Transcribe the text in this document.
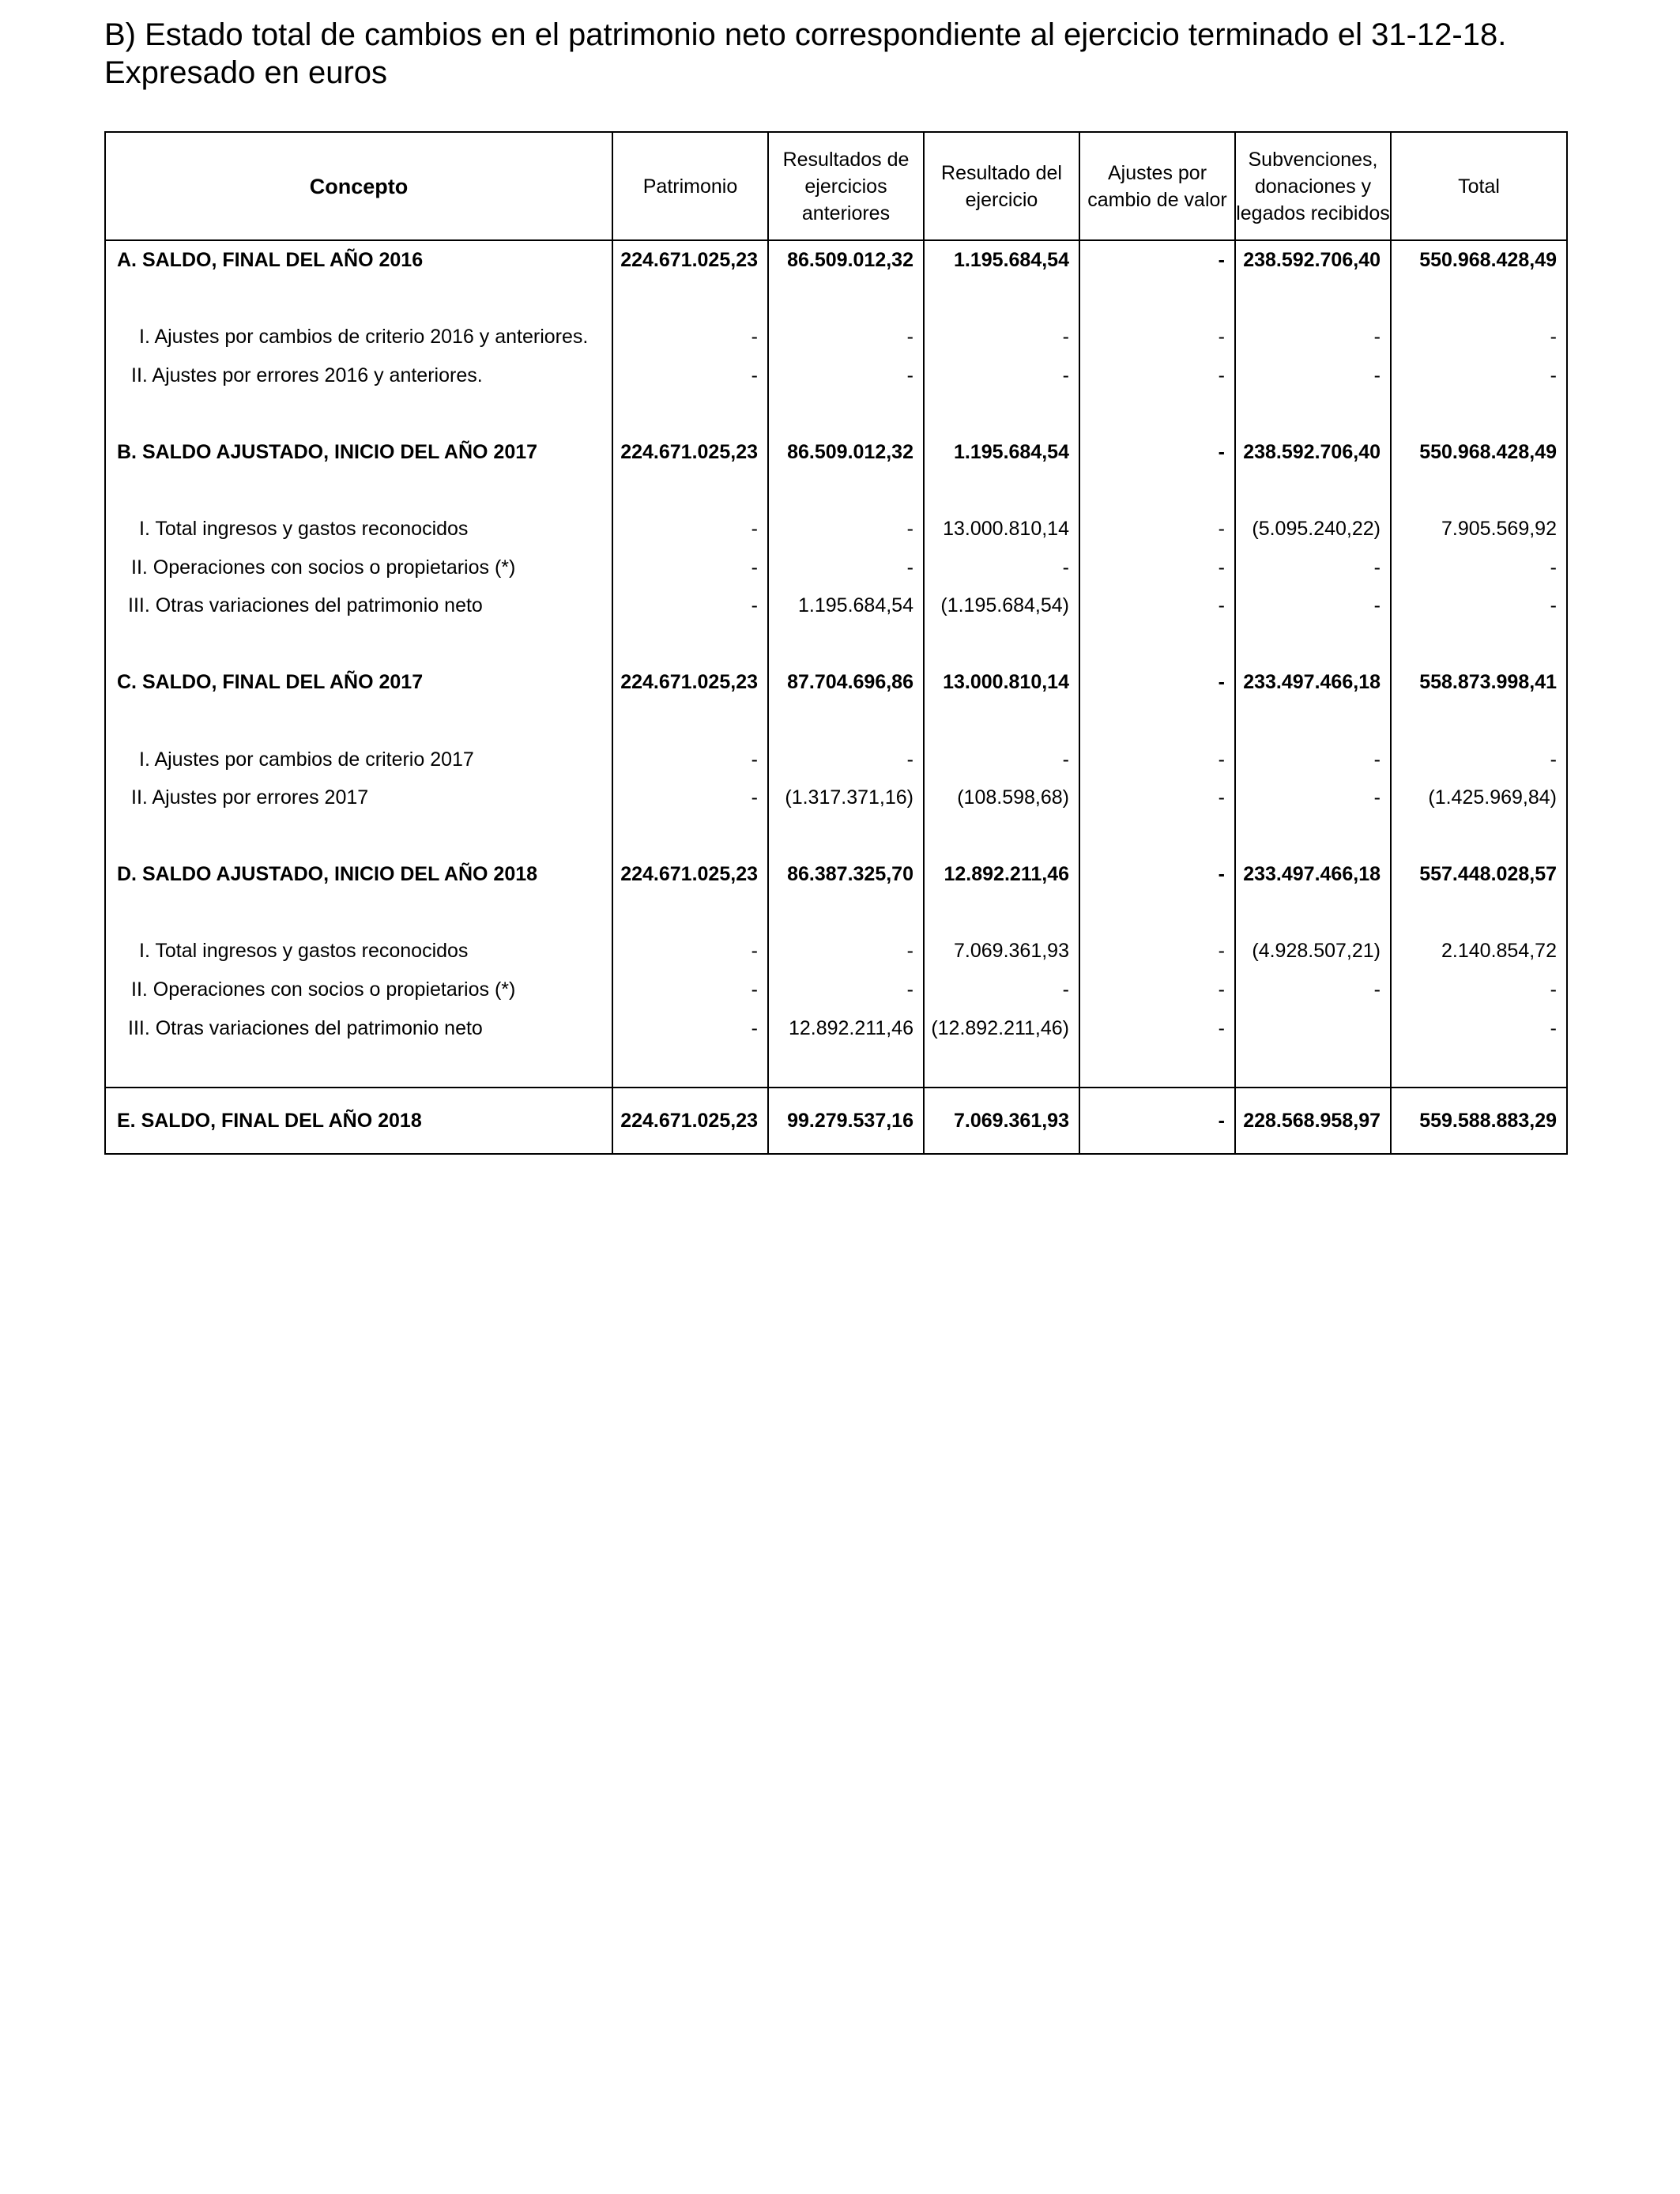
B) Estado total de cambios en el patrimonio neto correspondiente al ejercicio terminado el 31-12-18. Expresado en euros
Concepto	Patrimonio	Resultados de ejercicios anteriores	Resultado del ejercicio	Ajustes por cambio de valor	Subvenciones, donaciones y legados recibidos	Total
A. SALDO, FINAL DEL AÑO 2016	224.671.025,23	86.509.012,32	1.195.684,54	-	238.592.706,40	550.968.428,49

I. Ajustes por cambios de criterio 2016 y anteriores.	-	-	-	-	-	-
II. Ajustes por errores 2016 y anteriores.	-	-	-	-	-	-

B. SALDO AJUSTADO, INICIO DEL AÑO 2017	224.671.025,23	86.509.012,32	1.195.684,54	-	238.592.706,40	550.968.428,49

I. Total ingresos y gastos reconocidos	-	-	13.000.810,14	-	(5.095.240,22)	7.905.569,92
II. Operaciones con socios o propietarios (*)	-	-	-	-	-	-
III. Otras variaciones del patrimonio neto	-	1.195.684,54	(1.195.684,54)	-	-	-

C. SALDO, FINAL DEL AÑO 2017	224.671.025,23	87.704.696,86	13.000.810,14	-	233.497.466,18	558.873.998,41

I. Ajustes por cambios de criterio 2017	-	-	-	-	-	-
II. Ajustes por errores 2017	-	(1.317.371,16)	(108.598,68)	-	-	(1.425.969,84)

D. SALDO AJUSTADO, INICIO DEL AÑO 2018	224.671.025,23	86.387.325,70	12.892.211,46	-	233.497.466,18	557.448.028,57

I. Total ingresos y gastos reconocidos	-	-	7.069.361,93	-	(4.928.507,21)	2.140.854,72
II. Operaciones con socios o propietarios (*)	-	-	-	-	-	-
III. Otras variaciones del patrimonio neto	-	12.892.211,46	(12.892.211,46)	-		-

E. SALDO, FINAL DEL AÑO 2018	224.671.025,23	99.279.537,16	7.069.361,93	-	228.568.958,97	559.588.883,29
